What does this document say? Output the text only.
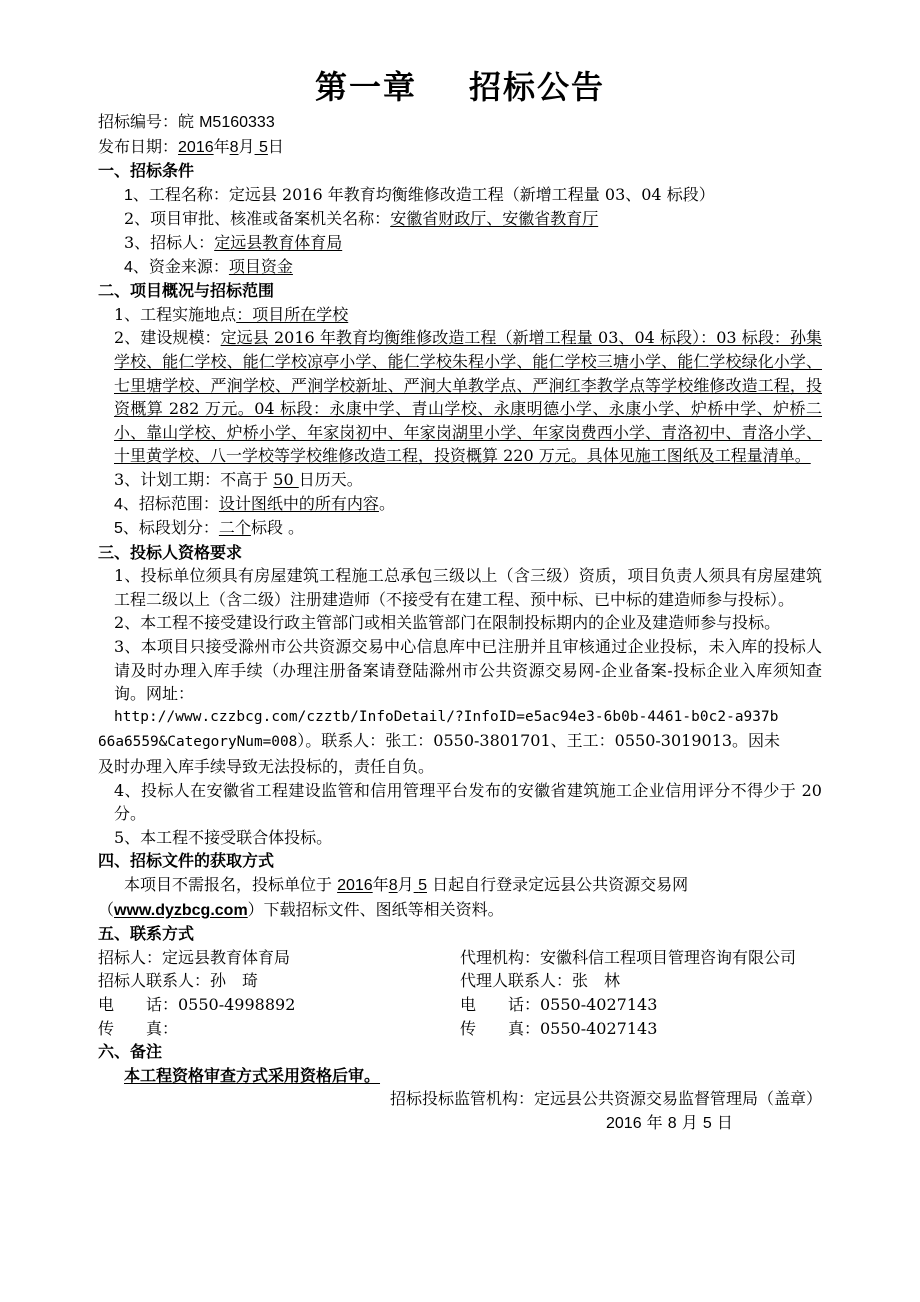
第一章 招标公告
招标编号：皖 M5160333
发布日期：2016年8月 5日
一、招标条件
1、工程名称：定远县 2016 年教育均衡维修改造工程（新增工程量 03、04 标段）
2、项目审批、核准或备案机关名称：安徽省财政厅、安徽省教育厅
3、招标人：定远县教育体育局
4、资金来源：项目资金
二、项目概况与招标范围
1、工程实施地点：项目所在学校
2、建设规模：定远县 2016 年教育均衡维修改造工程（新增工程量 03、04 标段）：03 标段：孙集学校、能仁学校、能仁学校凉亭小学、能仁学校朱程小学、能仁学校三塘小学、能仁学校绿化小学、七里塘学校、严涧学校、严涧学校新址、严涧大单教学点、严涧红李教学点等学校维修改造工程，投资概算 282 万元。04 标段：永康中学、青山学校、永康明德小学、永康小学、炉桥中学、炉桥二小、靠山学校、炉桥小学、年家岗初中、年家岗湖里小学、年家岗费西小学、青洛初中、青洛小学、十里黄学校、八一学校等学校维修改造工程，投资概算 220 万元。具体见施工图纸及工程量清单。
3、计划工期：不高于 50 日历天。
4、招标范围：设计图纸中的所有内容。
5、标段划分：二个标段 。
三、投标人资格要求
1、投标单位须具有房屋建筑工程施工总承包三级以上（含三级）资质，项目负责人须具有房屋建筑工程二级以上（含二级）注册建造师（不接受有在建工程、预中标、已中标的建造师参与投标）。
2、本工程不接受建设行政主管部门或相关监管部门在限制投标期内的企业及建造师参与投标。
3、本项目只接受滁州市公共资源交易中心信息库中已注册并且审核通过企业投标，未入库的投标人请及时办理入库手续（办理注册备案请登陆滁州市公共资源交易网-企业备案-投标企业入库须知查询。网址：
http://www.czzbcg.com/czztb/InfoDetail/?InfoID=e5ac94e3-6b0b-4461-b0c2-a937b
66a6559&CategoryNum=008）。联系人：张工：0550-3801701、王工：0550-3019013。因未
及时办理入库手续导致无法投标的，责任自负。
4、投标人在安徽省工程建设监管和信用管理平台发布的安徽省建筑施工企业信用评分不得少于 20 分。
5、本工程不接受联合体投标。
四、招标文件的获取方式
本项目不需报名，投标单位于 2016年8月 5 日起自行登录定远县公共资源交易网
（www.dyzbcg.com）下载招标文件、图纸等相关资料。
五、联系方式
招标人：定远县教育体育局	代理机构：安徽科信工程项目管理咨询有限公司
招标人联系人：孙　琦	代理人联系人：张　林
电　　话：0550-4998892	电　　话：0550-4027143
传　　真：	传　　真：0550-4027143
六、备注
本工程资格审查方式采用资格后审。
招标投标监管机构：定远县公共资源交易监督管理局（盖章）
2016 年 8 月 5 日
